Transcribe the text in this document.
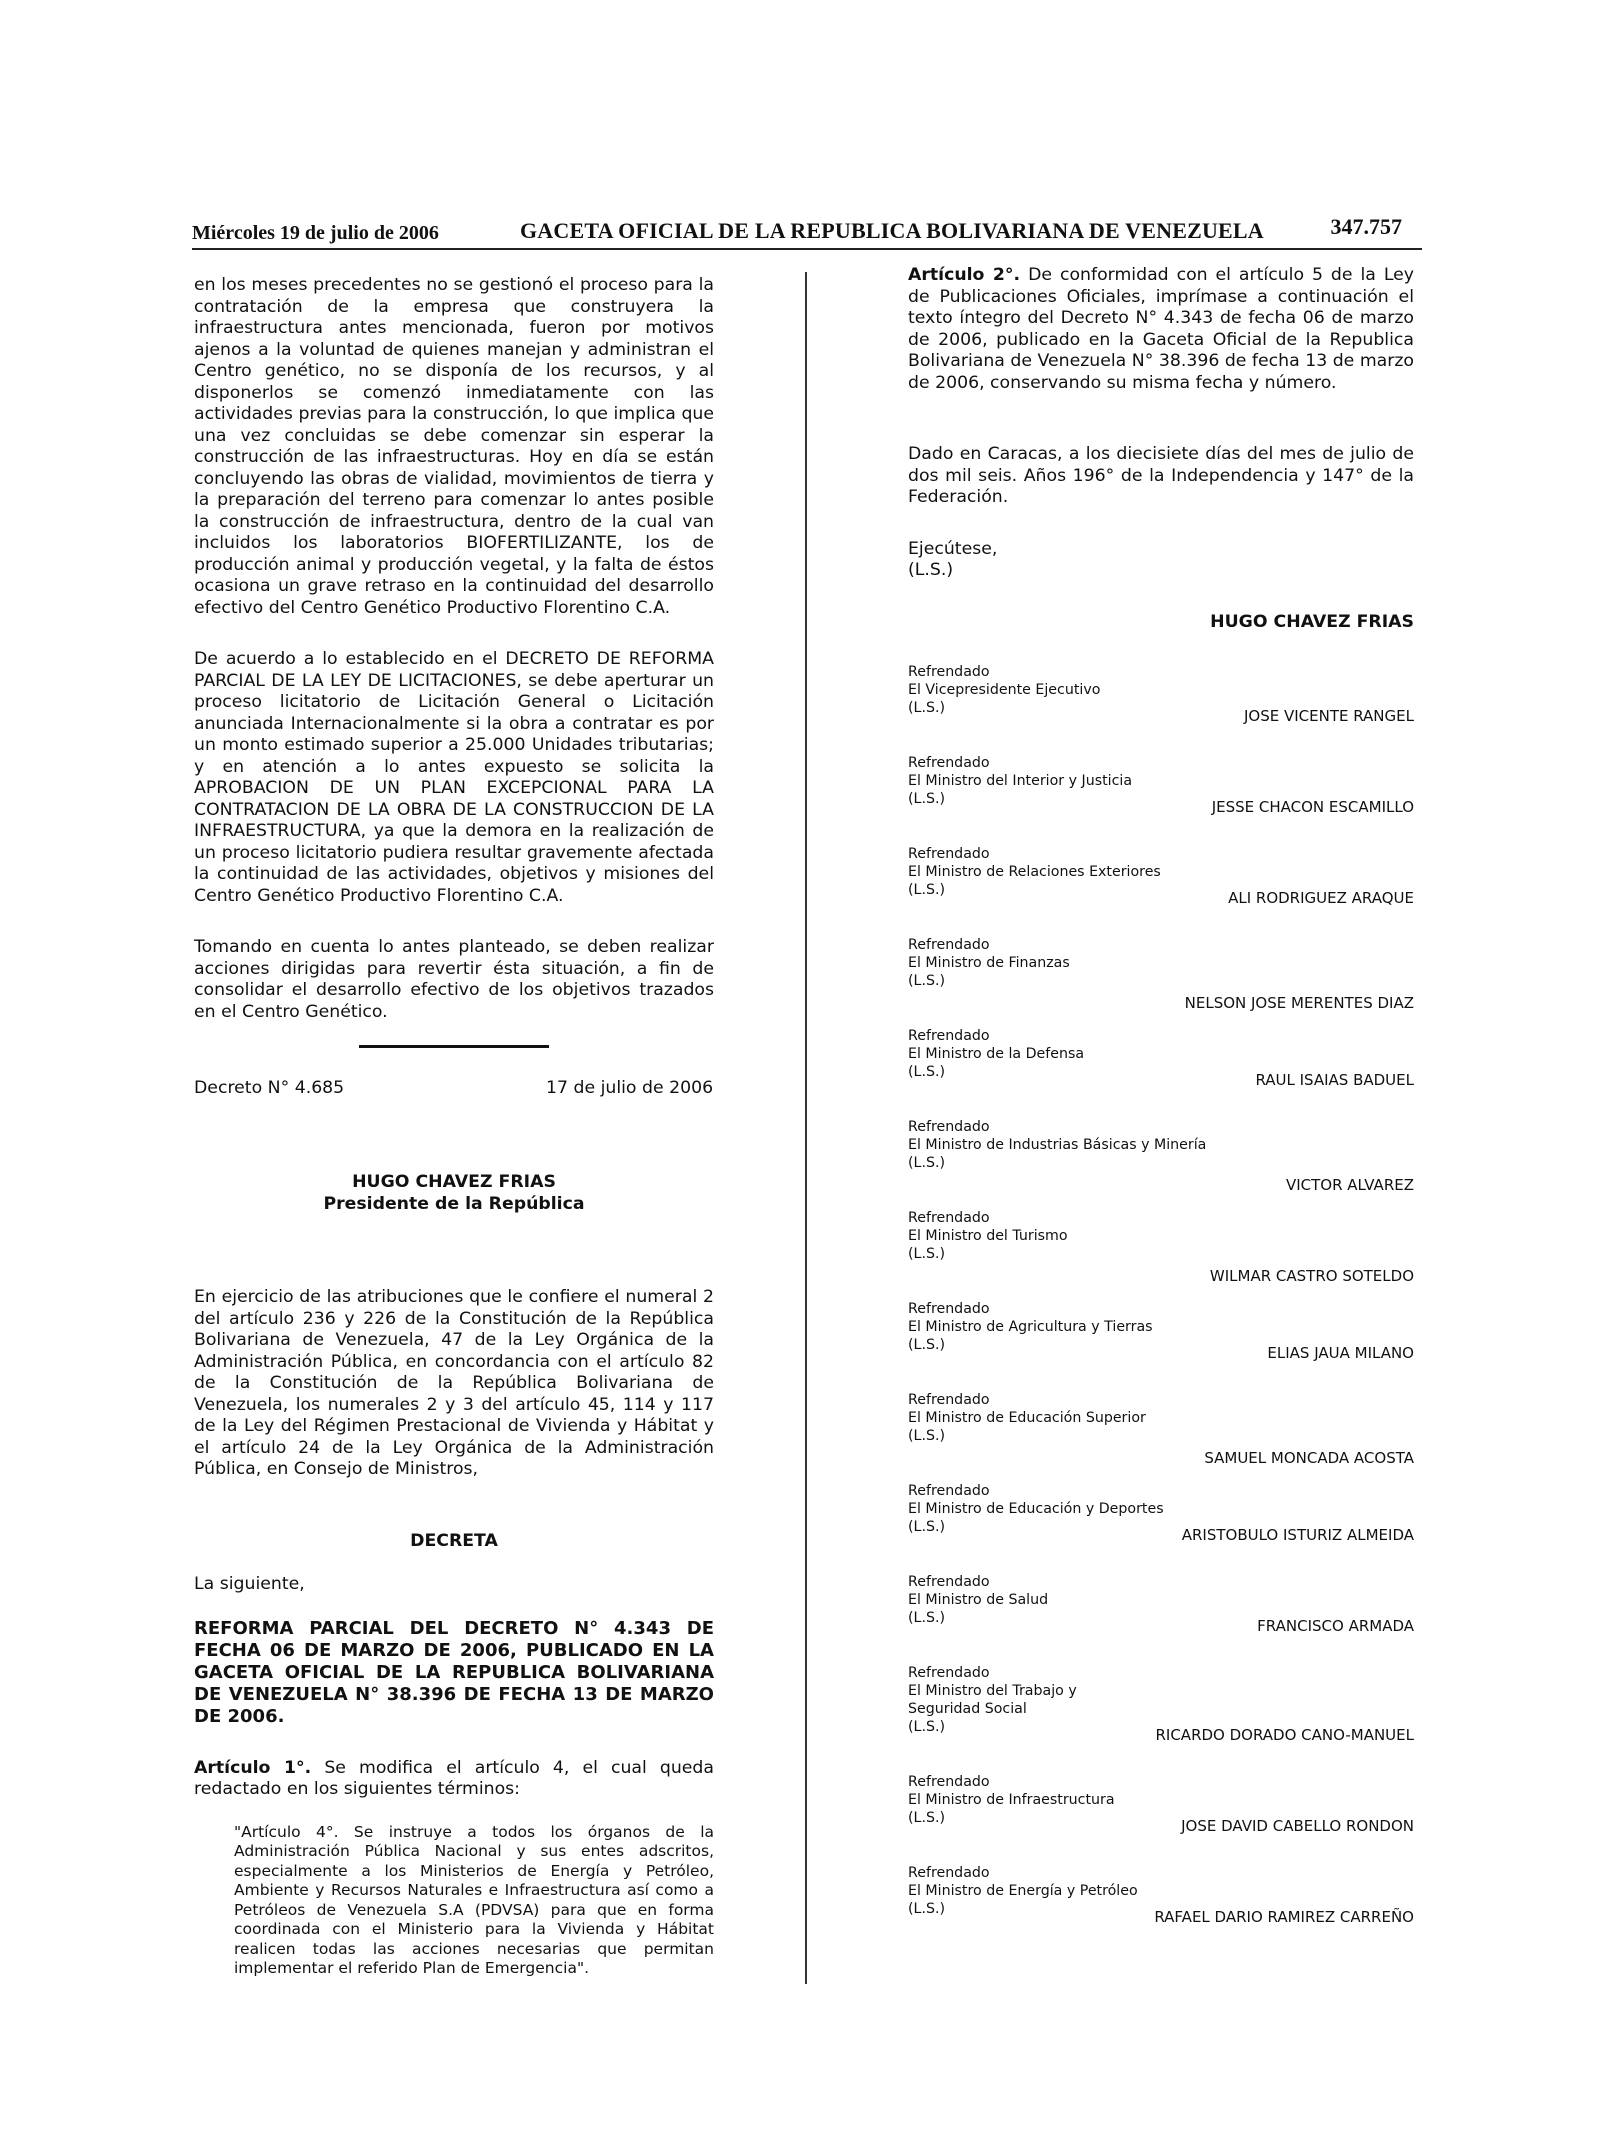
Miércoles 19 de julio de 2006	GACETA OFICIAL DE LA REPUBLICA BOLIVARIANA DE VENEZUELA	347.757

en los meses precedentes no se gestionó el proceso para la contratación de la empresa que construyera la infraestructura antes mencionada, fueron por motivos ajenos a la voluntad de quienes manejan y administran el Centro genético, no se disponía de los recursos, y al disponerlos se comenzó inmediatamente con las actividades previas para la construcción, lo que implica que una vez concluidas se debe comenzar sin esperar la construcción de las infraestructuras. Hoy en día se están concluyendo las obras de vialidad, movimientos de tierra y la preparación del terreno para comenzar lo antes posible la construcción de infraestructura, dentro de la cual van incluidos los laboratorios BIOFERTILIZANTE, los de producción animal y producción vegetal, y la falta de éstos ocasiona un grave retraso en la continuidad del desarrollo efectivo del Centro Genético Productivo Florentino C.A.

De acuerdo a lo establecido en el DECRETO DE REFORMA PARCIAL DE LA LEY DE LICITACIONES, se debe aperturar un proceso licitatorio de Licitación General o Licitación anunciada Internacionalmente si la obra a contratar es por un monto estimado superior a 25.000 Unidades tributarias; y en atención a lo antes expuesto se solicita la APROBACION DE UN PLAN EXCEPCIONAL PARA LA CONTRATACION DE LA OBRA DE LA CONSTRUCCION DE LA INFRAESTRUCTURA, ya que la demora en la realización de un proceso licitatorio pudiera resultar gravemente afectada la continuidad de las actividades, objetivos y misiones del Centro Genético Productivo Florentino C.A.

Tomando en cuenta lo antes planteado, se deben realizar acciones dirigidas para revertir ésta situación, a fin de consolidar el desarrollo efectivo de los objetivos trazados en el Centro Genético.

Decreto N° 4.685	17 de julio de 2006

HUGO CHAVEZ FRIAS

Presidente de la República

En ejercicio de las atribuciones que le confiere el numeral 2 del artículo 236 y 226 de la Constitución de la República Bolivariana de Venezuela, 47 de la Ley Orgánica de la Administración Pública, en concordancia con el artículo 82 de la Constitución de la República Bolivariana de Venezuela, los numerales 2 y 3 del artículo 45, 114 y 117 de la Ley del Régimen Prestacional de Vivienda y Hábitat y el artículo 24 de la Ley Orgánica de la Administración Pública, en Consejo de Ministros,

DECRETA

La siguiente,

REFORMA PARCIAL DEL DECRETO N° 4.343 DE FECHA 06 DE MARZO DE 2006, PUBLICADO EN LA GACETA OFICIAL DE LA REPUBLICA BOLIVARIANA DE VENEZUELA N° 38.396 DE FECHA 13 DE MARZO DE 2006.

Artículo 1°. Se modifica el artículo 4, el cual queda redactado en los siguientes términos:

"Artículo 4°. Se instruye a todos los órganos de la Administración Pública Nacional y sus entes adscritos, especialmente a los Ministerios de Energía y Petróleo, Ambiente y Recursos Naturales e Infraestructura así como a Petróleos de Venezuela S.A (PDVSA) para que en forma coordinada con el Ministerio para la Vivienda y Hábitat realicen todas las acciones necesarias que permitan implementar el referido Plan de Emergencia".

Artículo 2°. De conformidad con el artículo 5 de la Ley de Publicaciones Oficiales, imprímase a continuación el texto íntegro del Decreto N° 4.343 de fecha 06 de marzo de 2006, publicado en la Gaceta Oficial de la Republica Bolivariana de Venezuela N° 38.396 de fecha 13 de marzo de 2006, conservando su misma fecha y número.

Dado en Caracas, a los diecisiete días del mes de julio de dos mil seis. Años 196° de la Independencia y 147° de la Federación.

Ejecútese,

(L.S.)

HUGO CHAVEZ FRIAS

Refrendado
El Vicepresidente Ejecutivo
(L.S.)	JOSE VICENTE RANGEL
Refrendado
El Ministro del Interior y Justicia
(L.S.)	JESSE CHACON ESCAMILLO
Refrendado
El Ministro de Relaciones Exteriores
(L.S.)	ALI RODRIGUEZ ARAQUE
Refrendado
El Ministro de Finanzas
(L.S.)
NELSON JOSE MERENTES DIAZ
Refrendado
El Ministro de la Defensa
(L.S.)	RAUL ISAIAS BADUEL
Refrendado
El Ministro de Industrias Básicas y Minería
(L.S.)
VICTOR ALVAREZ
Refrendado
El Ministro del Turismo
(L.S.)
WILMAR CASTRO SOTELDO
Refrendado
El Ministro de Agricultura y Tierras
(L.S.)	ELIAS JAUA MILANO
Refrendado
El Ministro de Educación Superior
(L.S.)
SAMUEL MONCADA ACOSTA
Refrendado
El Ministro de Educación y Deportes
(L.S.)	ARISTOBULO ISTURIZ ALMEIDA
Refrendado
El Ministro de Salud
(L.S.)	FRANCISCO ARMADA
Refrendado
El Ministro del Trabajo y Seguridad Social
(L.S.)	RICARDO DORADO CANO-MANUEL
Refrendado
El Ministro de Infraestructura
(L.S.)	JOSE DAVID CABELLO RONDON
Refrendado
El Ministro de Energía y Petróleo
(L.S.)	RAFAEL DARIO RAMIREZ CARREÑO
